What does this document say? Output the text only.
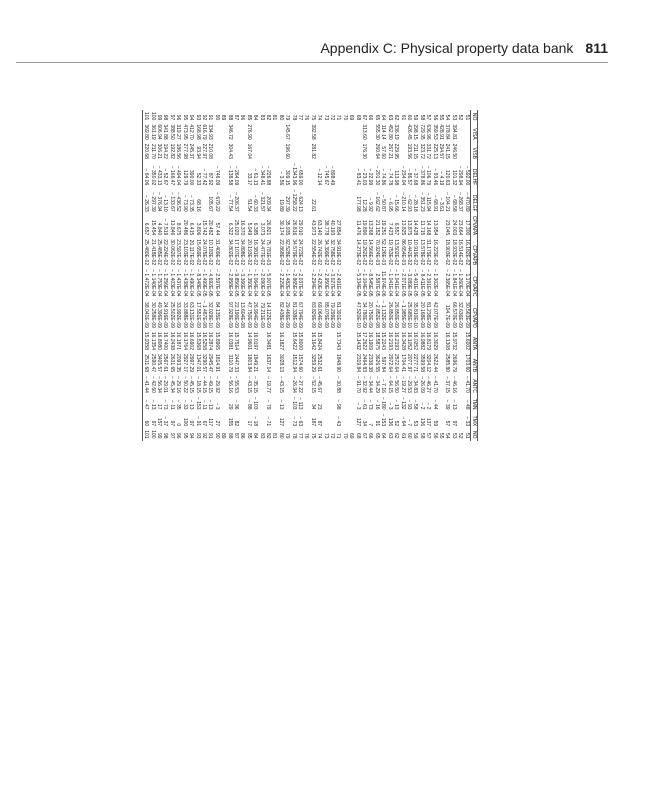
Appendix C: Physical property data bank 811
NO	VISA	VISB	DELHF	DELGF	CPVAPA	CPVAPB	CPVAPC	CPVAPD	ANTA	ANTB	ANTC	TMN	TMX	NO
51			− 592.00	− 470.89	17.300	16.182E-02	1.170E-04	30.563E-09	15.6002	1703.60	− 41.70	− 48	− 33	51
52			− 298.94	− 268.37	23.664	16.514E-02	− 1.260E-04	32.636E-09						52
53	394.81	246.50	101.32	− 68.58	24.003	18.933E-02	− 1.841E-04	66.570E-09	15.9732	2696.79	− 46.16	− 13	97	53
54	378.84	241.15	120.63	− 104.21	23.045	18.903E-02	− 2.365E-04	104.7E-09	16.1308	2585.80	− 37.15	− 39	57	54
55	428.91	294.57	− 4.19	− 3.61										55
56	359.53	225.13	− 93.46	− 68.91	13.954	16.223E-02	− 1.302E-04	42.077E-09	16.3029	2622.44	− 41.70	− 44	59	56
57	636.96	331.72	− 106.79	− 115.94	14.168	31.179E-02	− 2.391E-04	81.238E-09	16.8179	3204.12	− 46.27	− 2	137	57
58	729.35	323.72	− 378.86	− 351.23	11.715	13.578E-02	− 8.411E-05	20.168E-09	16.9882	3599.58	− 26.09	− 2	136	58
59	298.15	211.15	− 37.68	− 28.18	14.428	10.919E-02	− 5.401E-05	35.810E-10	16.0252	2277.71	− 34.83	− 58	53	59
60	426.45	193.56	− 86.57	− 62.93	13.875	10.442E-02	− 3.089E-05	25.685E-10	16.1052	2077.97	− 29.53	− 93	− 7	60
61			− 234.04	− 210.14	13.825	86.654E-03	− 2.071E-05	− 1.985E-09	16.3428	1704.41	− 19.27	− 132	− 64	61
62	336.19	229.95	113.98	− 15.66	6.557	13.502E-02	− 1.041E-04	26.850E-09	16.2193	2572.64	− 56.50	− 13	52	62
63	452.80	267.21	− 74.78	− 6.95	7.423	19.753E-02	− 1.041E-04	26.850E-09	16.2193	2972.64	− 64.15	− 3	136	63
64	114.14	57.60	− 74.86	− 50.87	19.251	52.126E-03	11.974E-06	− 1.132E-08	15.2243	597.84	− 7.16	− 180	− 153	64
65	555.30	260.64	− 201.30	− 162.62	21.152	70.924E-03	2.587E-05	− 2.852E-08	18.5875	3626.55	− 34.29	− 16	91	65
66			− 22.99	− 9.92	13.268	14.566E-02	− 8.545E-05	20.750E-09	16.1909	2338.38	− 34.44	− 73	7	66
67	313.60	176.30	− 23.03	12.28	19.890	19.262E-02	− 1.104E-04	34.780E-09	17.2622	2464.83	− 32.92	− 61	34	67
68			− 83.41	177.98	11.476	14.273E-02	− 5.334E-05	47.520E-10	15.1432	2319.84	− 91.70	− 3	127	68
69														69
70														70
71					27.854	34.919E-02	− 2.491E-04	81.391E-09	15.7343	1848.90	− 30.88	− 98	− 43	71
72			− 898.49		40.193	32.758E-02	− 3.027E-04	79.299E-09						72
73			− 745.67		38.778	34.399E-02	− 2.950E-04	85.076E-09						73
74			− 12.14		63.140	26.742E-02	− 2.420E-04	69.064E-09	15.8424	2532.61	− 45.67	23	87	74
75	392.58	281.82		22.61	43.973	22.554E-02	− 2.294E-04	83.826E-09	16.1642	3259.29	− 52.15	34	187	75
76														76
77			− 659.00	− 624.13	29.010	24.723E-02	− 2.037E-04	67.794E-09	15.8000	1574.60	− 27.22	− 113	− 63	77
78			− 1343.96	− 1258.22	26.816	34.579E-02	− 2.865E-04	81.338E-09	15.6422	1512.94	− 26.94	− 103	− 73	78
79	145.67	196.60	309.15	297.39	35.935	92.528E-03	− 1.482E-04	29.466E-09						79
80			− 3.56	19.89	30.174	22.868E-02	− 2.229E-04	82.438E-09	16.1827	3028.13	− 43.15	− 13	127	80
81														81
82			− 226.88	209.34	26.821	75.781E-03	− 5.007E-05	14.122E-09	16.3481	1637.14	− 19.77	− 79	− 71	82
83			− 348.41	− 321.57	3.073	24.477E-02	− 2.090E-04	79.211E-09						83
84			− 61.13	− 60.33	6.385	16.381E-02	− 1.064E-04	26.994E-09	16.0197	1849.21	− 35.15	− 103	− 18	84
85	276.90	167.04	33.17	51.54	5.949	20.193E-02	− 1.350E-04	47.750E-09	14.9601	1803.84	− 43.15	− 88	17	85
86					16.370	34.898E-02	− 3.366E-04	13.604E-08						86
87			− 264.09	− 206.37	25.020	17.107E-02	− 9.856E-05	22.190E-09	15.7514	2447.33	− 55.53	− 36	82	87
88	346.72	304.43	− 138.58	− 77.54	6.322	34.802E-02	− 2.958E-04	97.929E-09	16.0381	3110.79	− 56.16	29	155	88
89														89
90			− 746.09	− 679.22	57.44	31.409E-02	− 2.597E-04	84.135E-09	15.8965	1814.91	− 29.92	− 3	27	90
91	334.93	210.08	87.92	105.67	20.482	10.183E-02	− 4.692E-05	32.029E-10	16.2874	2945.47	− 49.15	− 13	117	91
92	616.79	227.97	− 77.42		15.742	24.075E-02	− 1.499E-05	− 1.487E-08	16.5258	3290.57	− 44.15	− 11	67	92
93	168.98	93.94	52.33	68.16	3.806	15.659E-02	− 8.348E-05	17.551E-09	15.5368	1347.01	− 18.15	− 153	− 91	93
94	412.70	245.37	390.00	− 73.35	6.415	20.117E-02	− 1.490E-04	63.131E-09	16.6902	2997.29	− 45.15	− 13	97	94
95	473.95	277.98	129.79	− 73.90	20.486	23.103E-02	− 1.438E-04	33.888E-09	16.1764	2927.17	− 50.22	− 33	100	95
96	319.27	186.56	− 494.04	− 436.52	8.675	23.597E-02	− 1.437E-04	33.992E-09	16.1871	2093.35	− 29.16	− 35	0	96
97	388.50	192.82	− 166.47	− 133.67	13.846	30.062E-02	− 1.403E-04	25.502E-09	16.2438	2631.65	− 45.34	− 11	97	97
98	341.88	194.22	− 52.67	− 13.10	− 7.519	22.224E-02	− 1.256E-04	24.916E-09	16.7400	2567.61	− 29.01	− 73	− 37	98
99	606.94	306.21	− 433.13	− 376.94	4.840	25.485E-02	− 1.753E-04	49.396E-09	16.8080	3405.57	− 56.34	17	157	99
100	361.19	211.70	− 350.02	− 297.39	15.454	21.418E-02	− 1.140E-04	30.258E-09	16.1354	2590.47	− 42.60	− 13	97	100
101	369.80	220.68	− 64.06	− 26.33	6.657	25.480E-02	− 1.472E-04	38.041E-09	15.9358	2511.68	− 41.44	− 47	60	101
